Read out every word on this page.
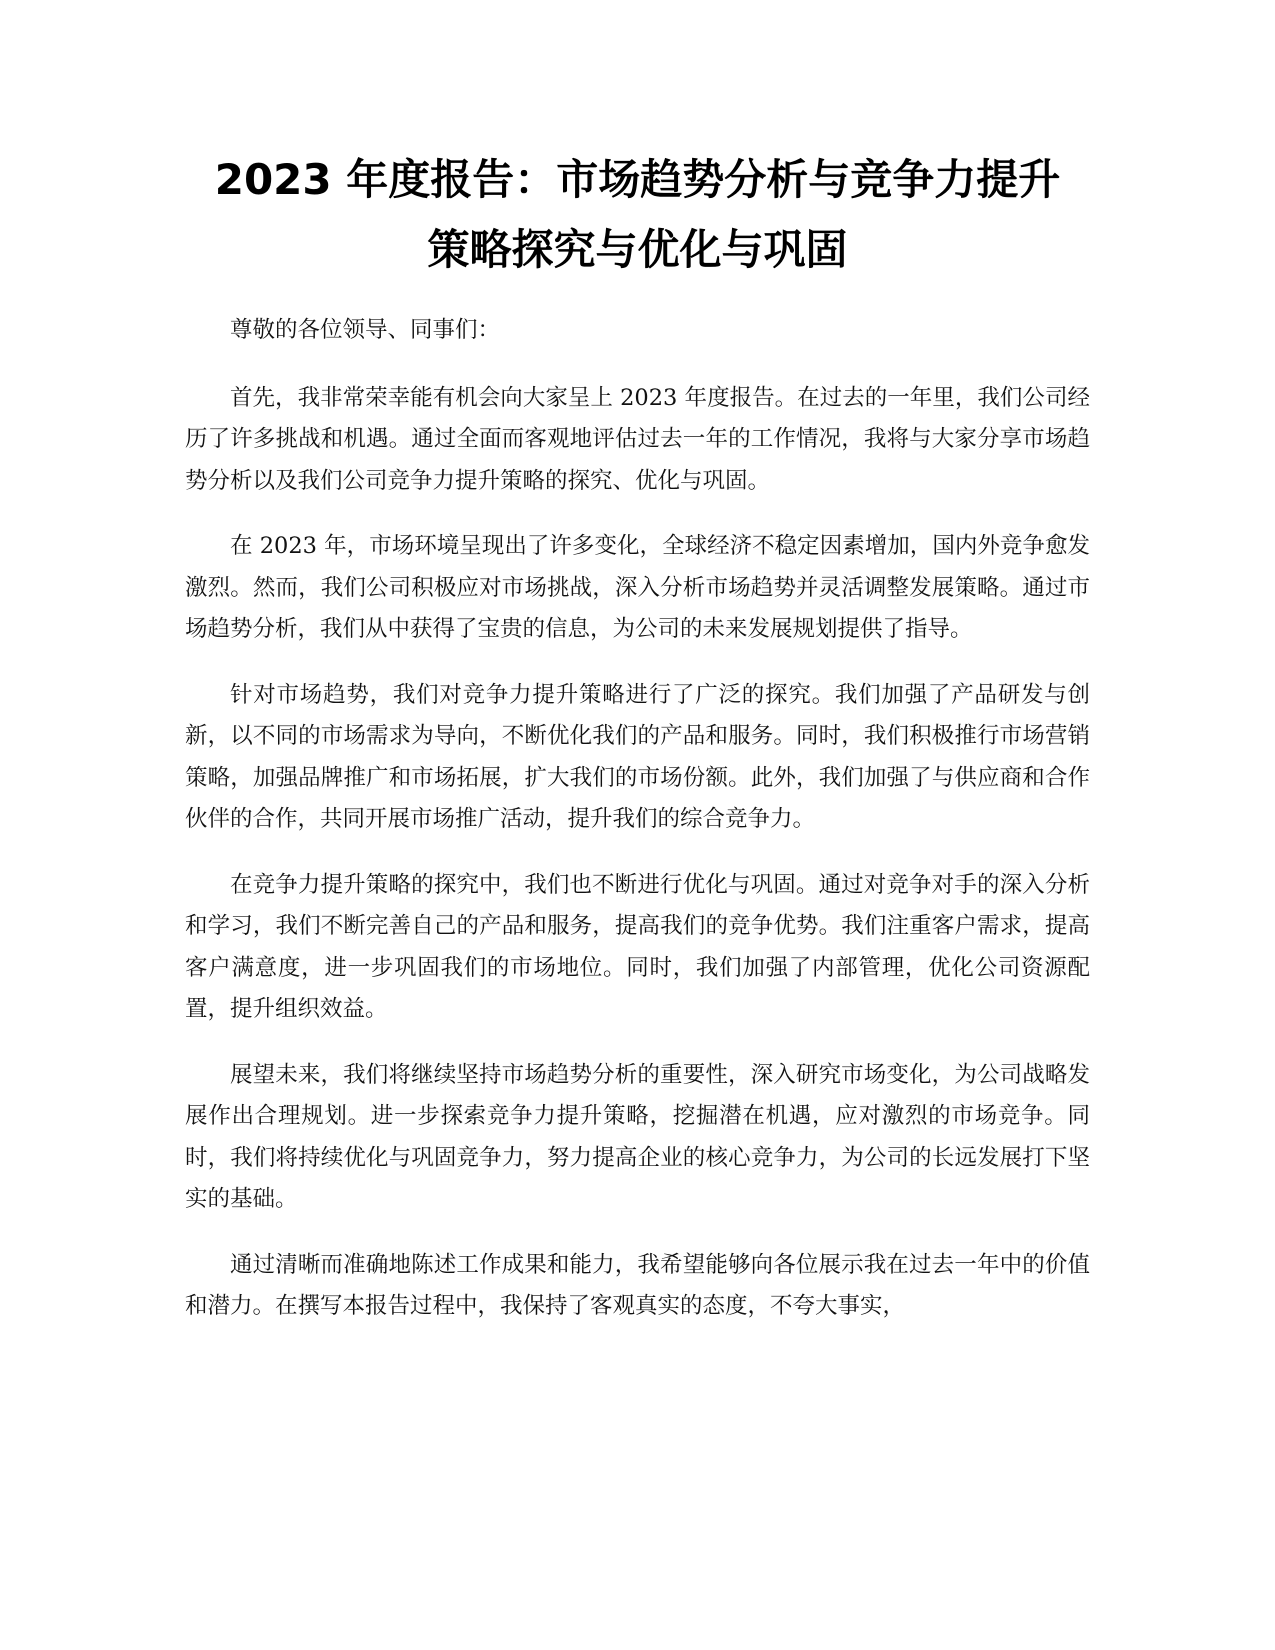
2023 年度报告：市场趋势分析与竞争力提升
策略探究与优化与巩固

尊敬的各位领导、同事们：

首先，我非常荣幸能有机会向大家呈上 2023 年度报告。在过去的一年里，我们公司经历了许多挑战和机遇。通过全面而客观地评估过去一年的工作情况，我将与大家分享市场趋势分析以及我们公司竞争力提升策略的探究、优化与巩固。

在 2023 年，市场环境呈现出了许多变化，全球经济不稳定因素增加，国内外竞争愈发激烈。然而，我们公司积极应对市场挑战，深入分析市场趋势并灵活调整发展策略。通过市场趋势分析，我们从中获得了宝贵的信息，为公司的未来发展规划提供了指导。

针对市场趋势，我们对竞争力提升策略进行了广泛的探究。我们加强了产品研发与创新，以不同的市场需求为导向，不断优化我们的产品和服务。同时，我们积极推行市场营销策略，加强品牌推广和市场拓展，扩大我们的市场份额。此外，我们加强了与供应商和合作伙伴的合作，共同开展市场推广活动，提升我们的综合竞争力。

在竞争力提升策略的探究中，我们也不断进行优化与巩固。通过对竞争对手的深入分析和学习，我们不断完善自己的产品和服务，提高我们的竞争优势。我们注重客户需求，提高客户满意度，进一步巩固我们的市场地位。同时，我们加强了内部管理，优化公司资源配置，提升组织效益。

展望未来，我们将继续坚持市场趋势分析的重要性，深入研究市场变化，为公司战略发展作出合理规划。进一步探索竞争力提升策略，挖掘潜在机遇，应对激烈的市场竞争。同时，我们将持续优化与巩固竞争力，努力提高企业的核心竞争力，为公司的长远发展打下坚实的基础。

通过清晰而准确地陈述工作成果和能力，我希望能够向各位展示我在过去一年中的价值和潜力。在撰写本报告过程中，我保持了客观真实的态度，不夸大事实，
